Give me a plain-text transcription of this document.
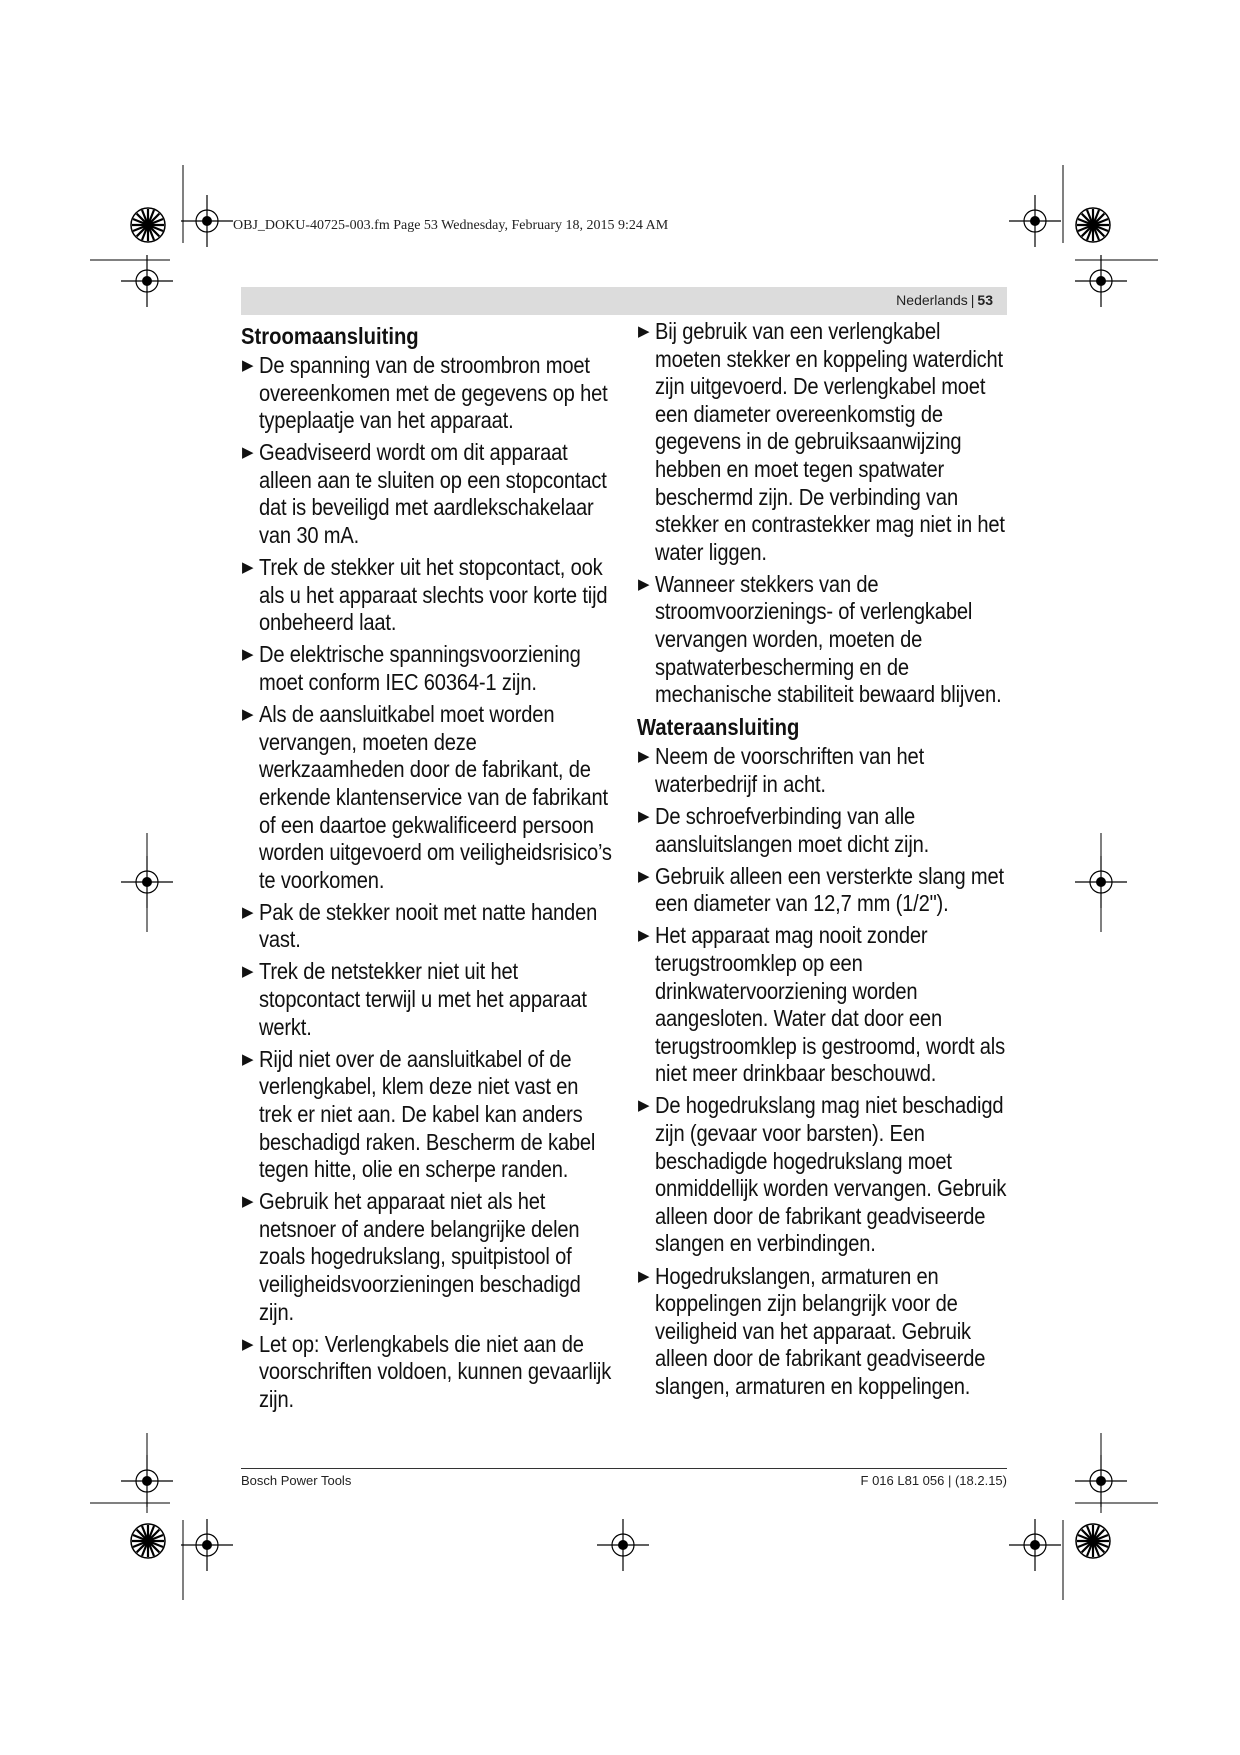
OBJ_DOKU-40725-003.fm Page 53 Wednesday, February 18, 2015 9:24 AM
Nederlands | 53
Stroomaansluiting
▶ De spanning van de stroombron moet overeenkomen met de gegevens op het typeplaatje van het apparaat.
▶ Geadviseerd wordt om dit apparaat alleen aan te sluiten op een stopcontact dat is beveiligd met aardlekschakelaar van 30 mA.
▶ Trek de stekker uit het stopcontact, ook als u het apparaat slechts voor korte tijd onbeheerd laat.
▶ De elektrische spanningsvoorziening moet conform IEC 60364-1 zijn.
▶ Als de aansluitkabel moet worden vervangen, moeten deze werkzaamheden door de fabrikant, de erkende klantenservice van de fabrikant of een daartoe gekwalificeerd persoon worden uitgevoerd om veiligheidsrisico’s te voorkomen.
▶ Pak de stekker nooit met natte handen vast.
▶ Trek de netstekker niet uit het stopcontact terwijl u met het apparaat werkt.
▶ Rijd niet over de aansluitkabel of de verlengkabel, klem deze niet vast en trek er niet aan. De kabel kan anders beschadigd raken. Bescherm de kabel tegen hitte, olie en scherpe randen.
▶ Gebruik het apparaat niet als het netsnoer of andere belangrijke delen zoals hogedrukslang, spuitpistool of veiligheidsvoorzieningen beschadigd zijn.
▶ Let op: Verlengkabels die niet aan de voorschriften voldoen, kunnen gevaarlijk zijn.
▶ Bij gebruik van een verlengkabel moeten stekker en koppeling waterdicht zijn uitgevoerd. De verlengkabel moet een diameter overeenkomstig de gegevens in de gebruiksaanwijzing hebben en moet tegen spatwater beschermd zijn. De verbinding van stekker en contrastekker mag niet in het water liggen.
▶ Wanneer stekkers van de stroomvoorzienings- of verlengkabel vervangen worden, moeten de spatwaterbescherming en de mechanische stabiliteit bewaard blijven.
Wateraansluiting
▶ Neem de voorschriften van het waterbedrijf in acht.
▶ De schroefverbinding van alle aansluitslangen moet dicht zijn.
▶ Gebruik alleen een versterkte slang met een diameter van 12,7 mm (1/2").
▶ Het apparaat mag nooit zonder terugstroomklep op een drinkwatervoorziening worden aangesloten. Water dat door een terugstroomklep is gestroomd, wordt als niet meer drinkbaar beschouwd.
▶ De hogedrukslang mag niet beschadigd zijn (gevaar voor barsten). Een beschadigde hogedrukslang moet onmiddellijk worden vervangen. Gebruik alleen door de fabrikant geadviseerde slangen en verbindingen.
▶ Hogedrukslangen, armaturen en koppelingen zijn belangrijk voor de veiligheid van het apparaat. Gebruik alleen door de fabrikant geadviseerde slangen, armaturen en koppelingen.
Bosch Power Tools	F 016 L81 056 | (18.2.15)
